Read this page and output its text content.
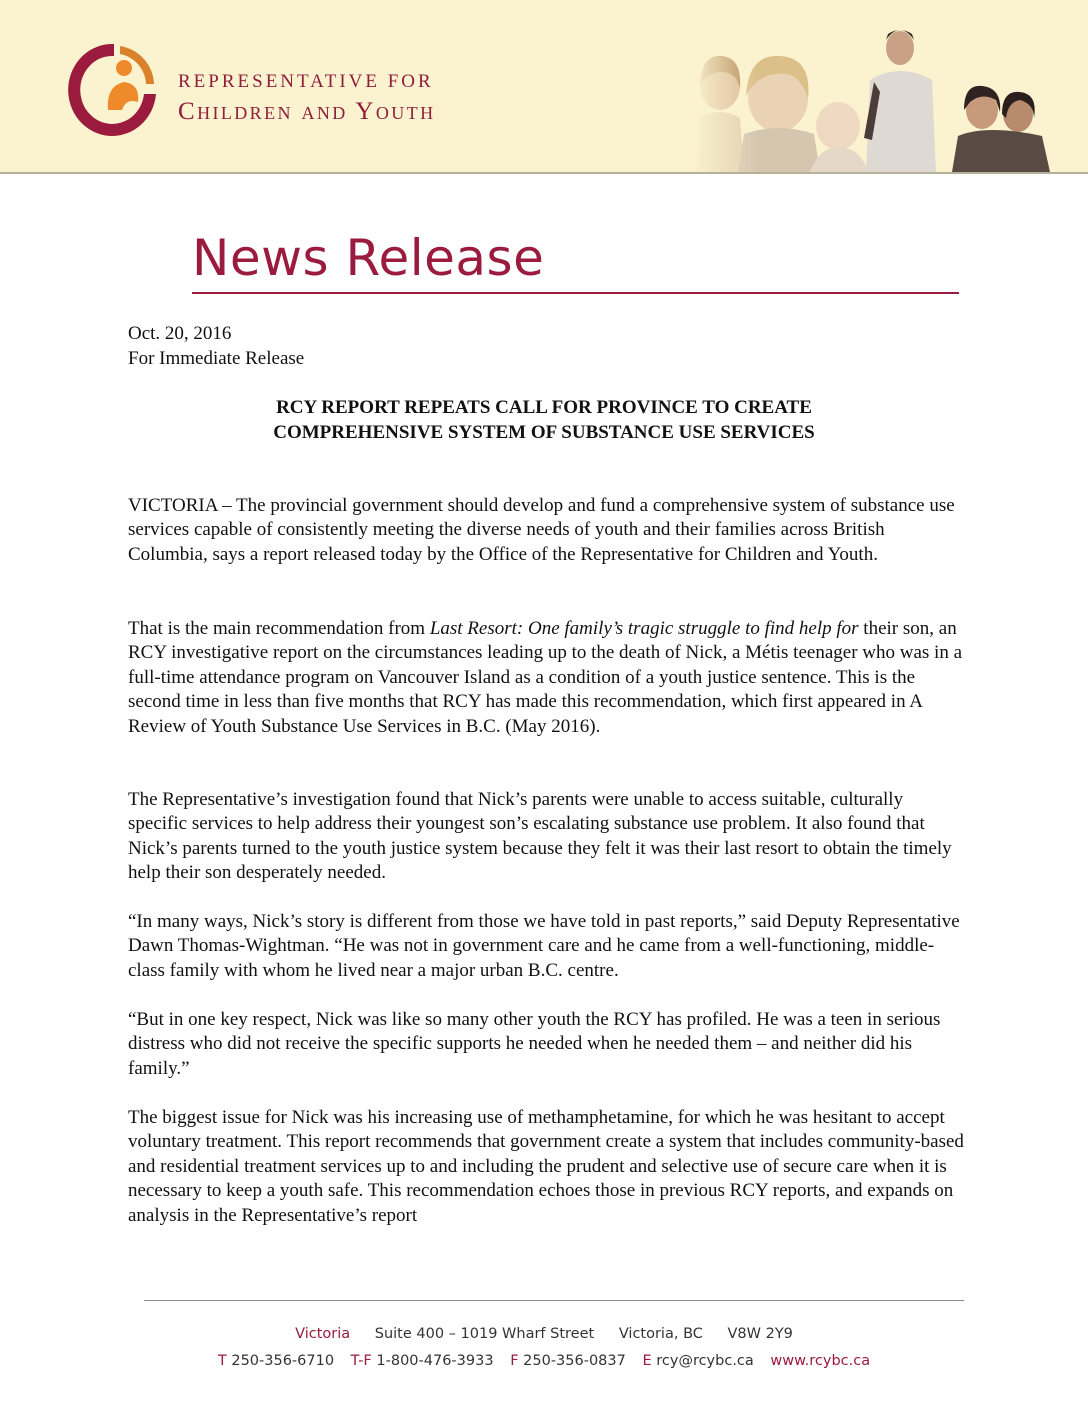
REPRESENTATIVE FOR
Children and Youth
News Release
Oct. 20, 2016
For Immediate Release
RCY REPORT REPEATS CALL FOR PROVINCE TO CREATE
COMPREHENSIVE SYSTEM OF SUBSTANCE USE SERVICES

VICTORIA – The provincial government should develop and fund a comprehensive system of substance use services capable of consistently meeting the diverse needs of youth and their families across British Columbia, says a report released today by the Office of the Representative for Children and Youth.

That is the main recommendation from Last Resort: One family’s tragic struggle to find help for their son, an RCY investigative report on the circumstances leading up to the death of Nick, a Métis teenager who was in a full-time attendance program on Vancouver Island as a condition of a youth justice sentence. This is the second time in less than five months that RCY has made this recommendation, which first appeared in A Review of Youth Substance Use Services in B.C. (May 2016).

The Representative’s investigation found that Nick’s parents were unable to access suitable, culturally specific services to help address their youngest son’s escalating substance use problem. It also found that Nick’s parents turned to the youth justice system because they felt it was their last resort to obtain the timely help their son desperately needed.

“In many ways, Nick’s story is different from those we have told in past reports,” said Deputy Representative Dawn Thomas-Wightman. “He was not in government care and he came from a well-functioning, middle-class family with whom he lived near a major urban B.C. centre.

“But in one key respect, Nick was like so many other youth the RCY has profiled. He was a teen in serious distress who did not receive the specific supports he needed when he needed them – and neither did his family.”

The biggest issue for Nick was his increasing use of methamphetamine, for which he was hesitant to accept voluntary treatment. This report recommends that government create a system that includes community-based and residential treatment services up to and including the prudent and selective use of secure care when it is necessary to keep a youth safe. This recommendation echoes those in previous RCY reports, and expands on analysis in the Representative’s report

Victoria Suite 400 – 1019 Wharf Street Victoria, BC V8W 2Y9
T 250-356-6710 T-F 1-800-476-3933 F 250-356-0837 E rcy@rcybc.ca www.rcybc.ca
